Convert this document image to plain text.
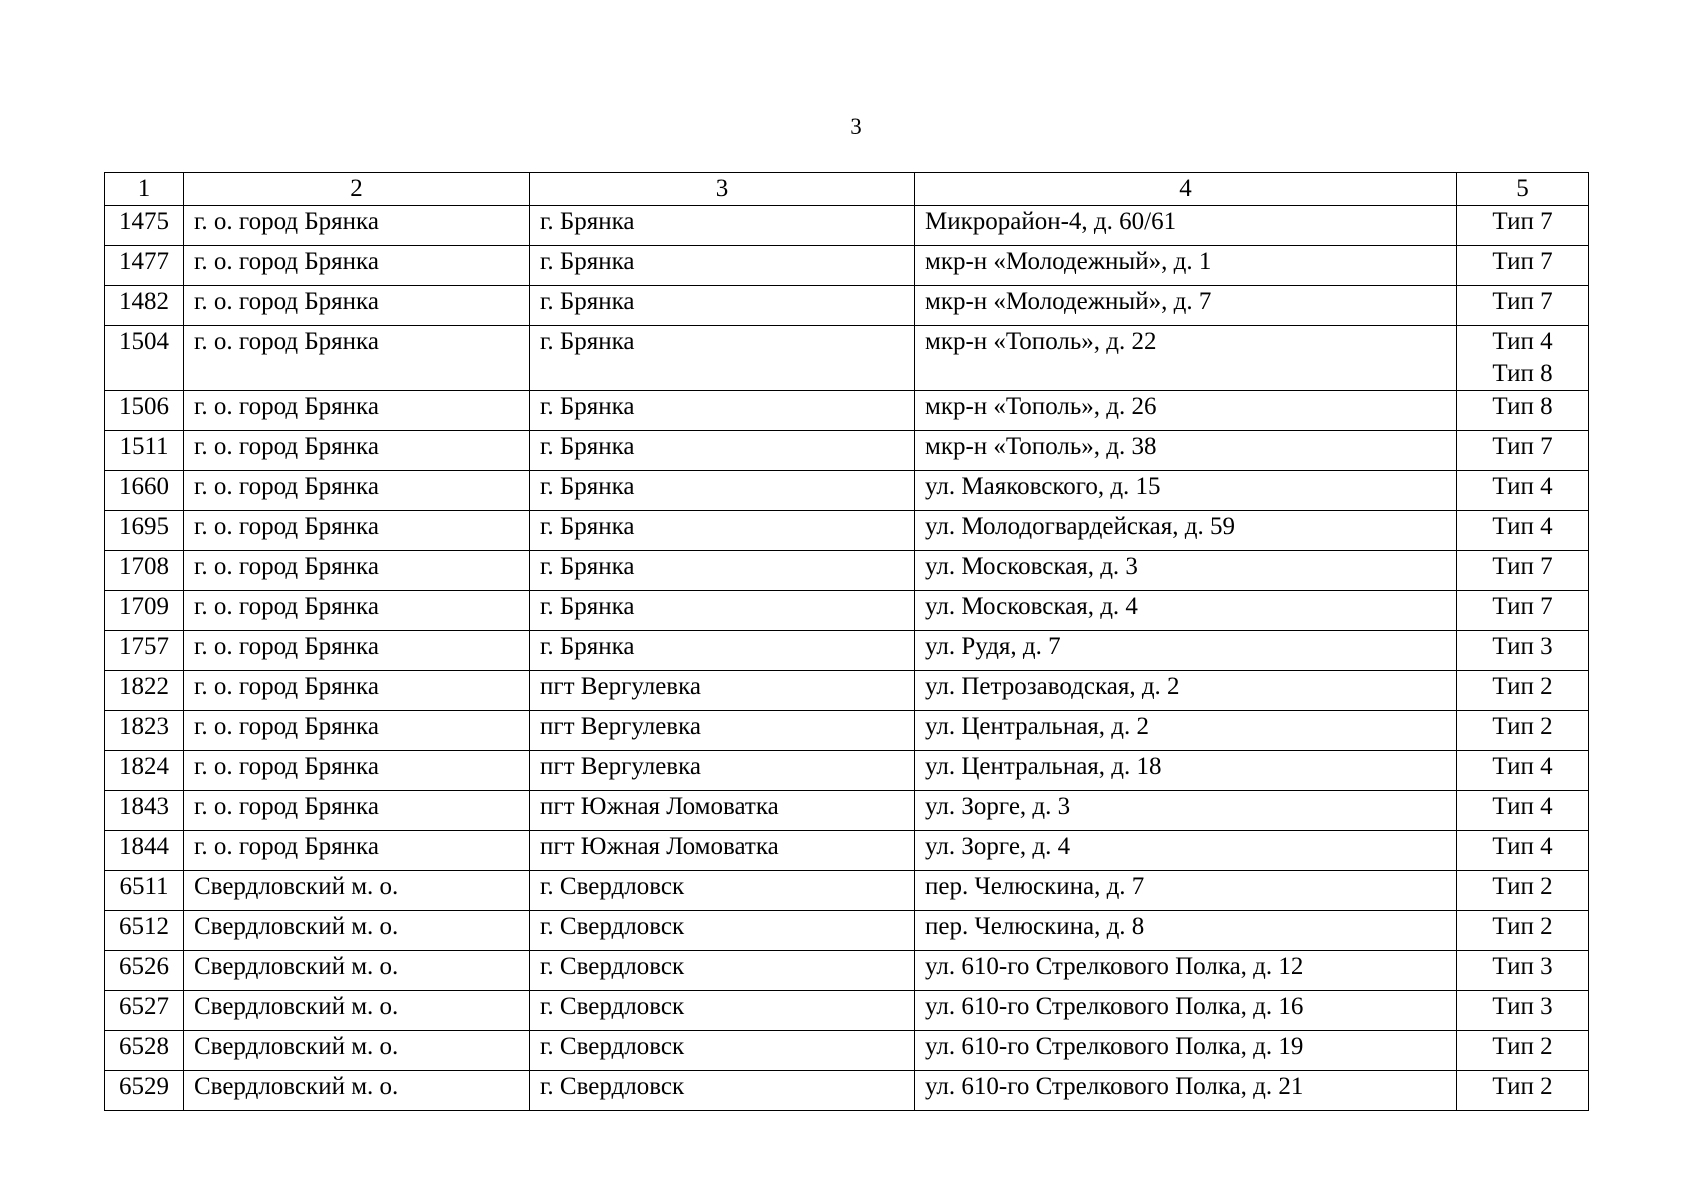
3
1	2	3	4	5
1475	г. о. город Брянка	г. Брянка	Микрорайон-4, д. 60/61	Тип 7
1477	г. о. город Брянка	г. Брянка	мкр-н «Молодежный», д. 1	Тип 7
1482	г. о. город Брянка	г. Брянка	мкр-н «Молодежный», д. 7	Тип 7
1504	г. о. город Брянка	г. Брянка	мкр-н «Тополь», д. 22	Тип 4
Тип 8
1506	г. о. город Брянка	г. Брянка	мкр-н «Тополь», д. 26	Тип 8
1511	г. о. город Брянка	г. Брянка	мкр-н «Тополь», д. 38	Тип 7
1660	г. о. город Брянка	г. Брянка	ул. Маяковского, д. 15	Тип 4
1695	г. о. город Брянка	г. Брянка	ул. Молодогвардейская, д. 59	Тип 4
1708	г. о. город Брянка	г. Брянка	ул. Московская, д. 3	Тип 7
1709	г. о. город Брянка	г. Брянка	ул. Московская, д. 4	Тип 7
1757	г. о. город Брянка	г. Брянка	ул. Рудя, д. 7	Тип 3
1822	г. о. город Брянка	пгт Вергулевка	ул. Петрозаводская, д. 2	Тип 2
1823	г. о. город Брянка	пгт Вергулевка	ул. Центральная, д. 2	Тип 2
1824	г. о. город Брянка	пгт Вергулевка	ул. Центральная, д. 18	Тип 4
1843	г. о. город Брянка	пгт Южная Ломоватка	ул. Зорге, д. 3	Тип 4
1844	г. о. город Брянка	пгт Южная Ломоватка	ул. Зорге, д. 4	Тип 4
6511	Свердловский м. о.	г. Свердловск	пер. Челюскина, д. 7	Тип 2
6512	Свердловский м. о.	г. Свердловск	пер. Челюскина, д. 8	Тип 2
6526	Свердловский м. о.	г. Свердловск	ул. 610-го Стрелкового Полка, д. 12	Тип 3
6527	Свердловский м. о.	г. Свердловск	ул. 610-го Стрелкового Полка, д. 16	Тип 3
6528	Свердловский м. о.	г. Свердловск	ул. 610-го Стрелкового Полка, д. 19	Тип 2
6529	Свердловский м. о.	г. Свердловск	ул. 610-го Стрелкового Полка, д. 21	Тип 2
